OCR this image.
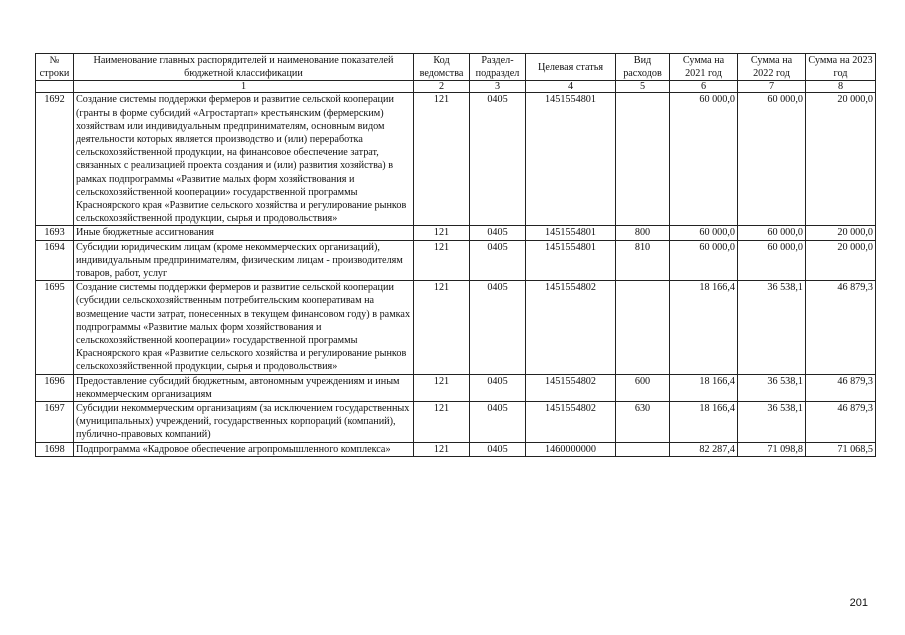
№ строки	Наименование главных распорядителей и наименование показателей бюджетной классификации	Код ведомства	Раздел-подраздел	Целевая статья	Вид расходов	Сумма на 2021 год	Сумма на 2022 год	Сумма на 2023 год
	1	2	3	4	5	6	7	8
1692	Создание системы поддержки фермеров и развитие сельской кооперации (гранты в форме субсидий «Агростартап» крестьянским (фермерским) хозяйствам или индивидуальным предпринимателям, основным видом деятельности которых является производство и (или) переработка сельскохозяйственной продукции, на финансовое обеспечение затрат, связанных с реализацией проекта создания и (или) развития хозяйства) в рамках подпрограммы «Развитие малых форм хозяйствования и сельскохозяйственной кооперации» государственной программы Красноярского края «Развитие сельского хозяйства и регулирование рынков сельскохозяйственной продукции, сырья и продовольствия»	121	0405	1451554801		60 000,0	60 000,0	20 000,0
1693	Иные бюджетные ассигнования	121	0405	1451554801	800	60 000,0	60 000,0	20 000,0
1694	Субсидии юридическим лицам (кроме некоммерческих организаций), индивидуальным предпринимателям, физическим лицам - производителям товаров, работ, услуг	121	0405	1451554801	810	60 000,0	60 000,0	20 000,0
1695	Создание системы поддержки фермеров и развитие сельской кооперации (субсидии сельскохозяйственным потребительским кооперативам на возмещение части затрат, понесенных в текущем финансовом году) в рамках подпрограммы «Развитие малых форм хозяйствования и сельскохозяйственной кооперации» государственной программы Красноярского края «Развитие сельского хозяйства и регулирование рынков сельскохозяйственной продукции, сырья и продовольствия»	121	0405	1451554802		18 166,4	36 538,1	46 879,3
1696	Предоставление субсидий бюджетным, автономным учреждениям и иным некоммерческим организациям	121	0405	1451554802	600	18 166,4	36 538,1	46 879,3
1697	Субсидии некоммерческим организациям (за исключением государственных (муниципальных) учреждений, государственных корпораций (компаний), публично-правовых компаний)	121	0405	1451554802	630	18 166,4	36 538,1	46 879,3
1698	Подпрограмма «Кадровое обеспечение агропромышленного комплекса»	121	0405	1460000000		82 287,4	71 098,8	71 068,5
201
